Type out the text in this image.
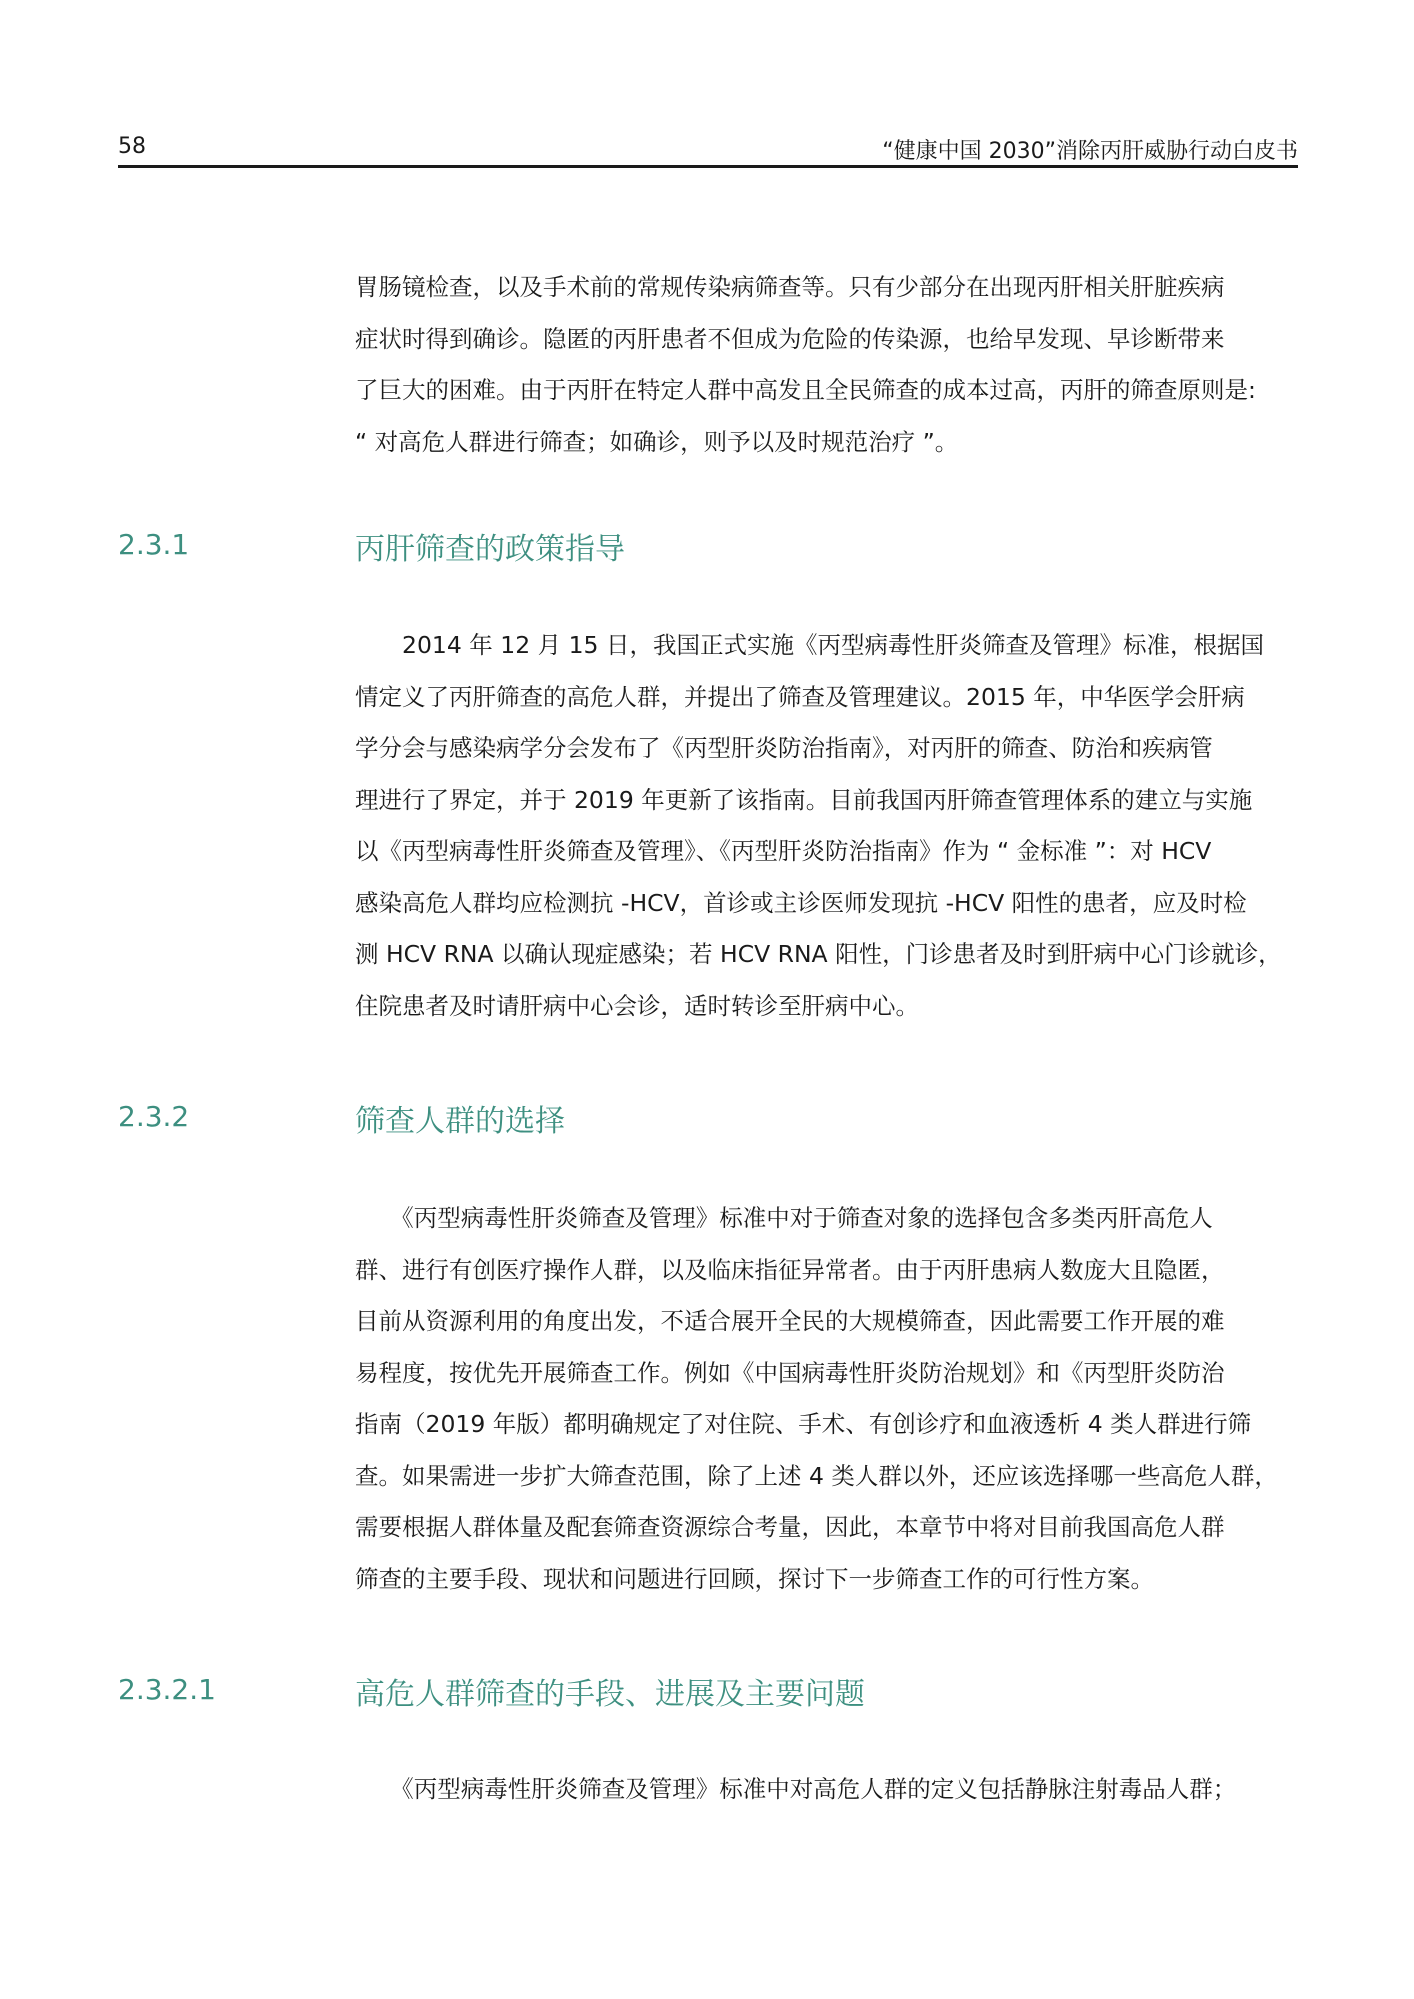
58	“健康中国 2030”消除丙肝威胁行动白皮书
胃肠镜检查，以及手术前的常规传染病筛查等。只有少部分在出现丙肝相关肝脏疾病
症状时得到确诊。隐匿的丙肝患者不但成为危险的传染源，也给早发现、早诊断带来
了巨大的困难。由于丙肝在特定人群中高发且全民筛查的成本过高，丙肝的筛查原则是:
“ 对高危人群进行筛查；如确诊，则予以及时规范治疗 ”。
2.3.1	丙肝筛查的政策指导
　　2014 年 12 月 15 日，我国正式实施《丙型病毒性肝炎筛查及管理》标准，根据国
情定义了丙肝筛查的高危人群，并提出了筛查及管理建议。2015 年，中华医学会肝病
学分会与感染病学分会发布了《丙型肝炎防治指南》，对丙肝的筛查、防治和疾病管
理进行了界定，并于 2019 年更新了该指南。目前我国丙肝筛查管理体系的建立与实施
以《丙型病毒性肝炎筛查及管理》、《丙型肝炎防治指南》作为 “ 金标准 ”：对 HCV
感染高危人群均应检测抗 -HCV，首诊或主诊医师发现抗 -HCV 阳性的患者，应及时检
测 HCV RNA 以确认现症感染；若 HCV RNA 阳性，门诊患者及时到肝病中心门诊就诊，
住院患者及时请肝病中心会诊，适时转诊至肝病中心。
2.3.2	筛查人群的选择
　　《丙型病毒性肝炎筛查及管理》标准中对于筛查对象的选择包含多类丙肝高危人
群、进行有创医疗操作人群，以及临床指征异常者。由于丙肝患病人数庞大且隐匿，
目前从资源利用的角度出发，不适合展开全民的大规模筛查，因此需要工作开展的难
易程度，按优先开展筛查工作。例如《中国病毒性肝炎防治规划》和《丙型肝炎防治
指南（2019 年版）都明确规定了对住院、手术、有创诊疗和血液透析 4 类人群进行筛
查。如果需进一步扩大筛查范围，除了上述 4 类人群以外，还应该选择哪一些高危人群，
需要根据人群体量及配套筛查资源综合考量，因此，本章节中将对目前我国高危人群
筛查的主要手段、现状和问题进行回顾，探讨下一步筛查工作的可行性方案。
2.3.2.1	高危人群筛查的手段、进展及主要问题
　　《丙型病毒性肝炎筛查及管理》标准中对高危人群的定义包括静脉注射毒品人群；
